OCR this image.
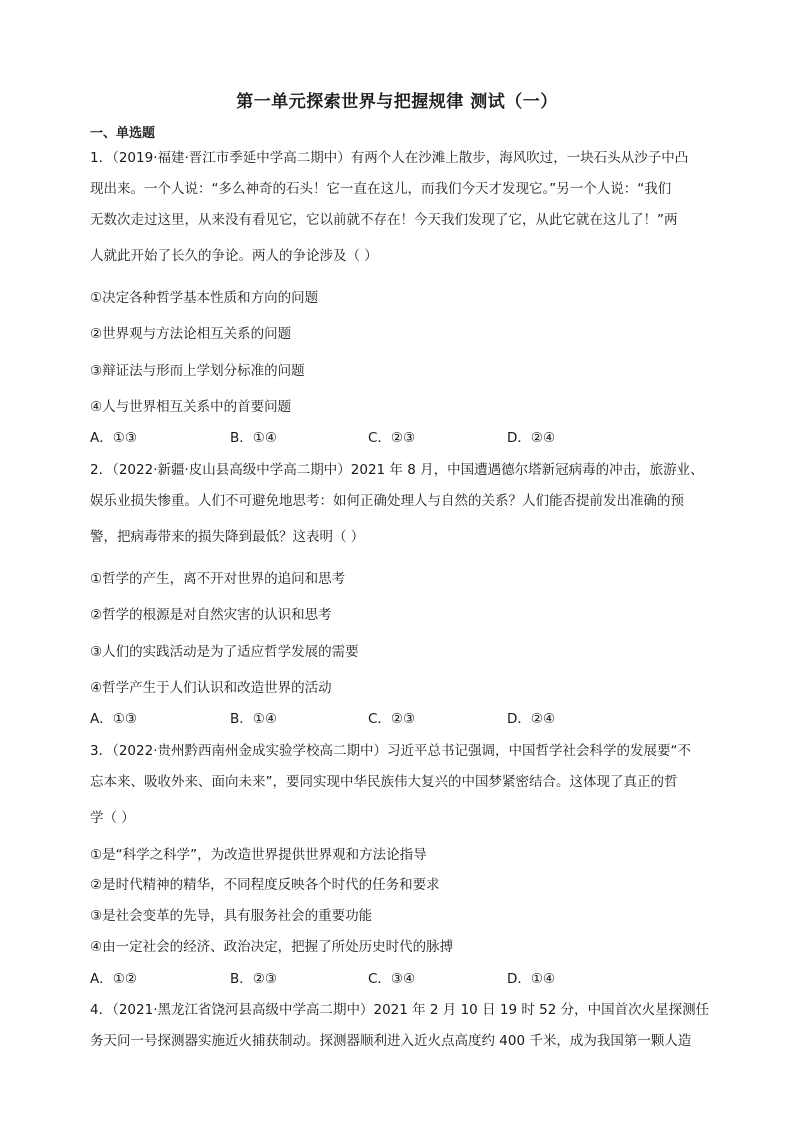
第一单元探索世界与把握规律 测试（一）
一、单选题
1．（2019·福建·晋江市季延中学高二期中）有两个人在沙滩上散步，海风吹过，一块石头从沙子中凸
现出来。一个人说：“多么神奇的石头！它一直在这儿，而我们今天才发现它。”另一个人说：“我们
无数次走过这里，从来没有看见它，它以前就不存在！今天我们发现了它，从此它就在这儿了！”两
人就此开始了长久的争论。两人的争论涉及（ ）
①决定各种哲学基本性质和方向的问题
②世界观与方法论相互关系的问题
③辩证法与形而上学划分标准的问题
④人与世界相互关系中的首要问题
A．①③	B．①④	C．②③	D．②④
2．（2022·新疆·皮山县高级中学高二期中）2021 年 8 月，中国遭遇德尔塔新冠病毒的冲击，旅游业、
娱乐业损失惨重。人们不可避免地思考：如何正确处理人与自然的关系？人们能否提前发出准确的预
警，把病毒带来的损失降到最低？这表明（ ）
①哲学的产生，离不开对世界的追问和思考
②哲学的根源是对自然灾害的认识和思考
③人们的实践活动是为了适应哲学发展的需要
④哲学产生于人们认识和改造世界的活动
A．①③	B．①④	C．②③	D．②④
3．（2022·贵州黔西南州金成实验学校高二期中）习近平总书记强调，中国哲学社会科学的发展要“不
忘本来、吸收外来、面向未来”，要同实现中华民族伟大复兴的中国梦紧密结合。这体现了真正的哲
学（ ）
①是“科学之科学”，为改造世界提供世界观和方法论指导
②是时代精神的精华，不同程度反映各个时代的任务和要求
③是社会变革的先导，具有服务社会的重要功能
④由一定社会的经济、政治决定，把握了所处历史时代的脉搏
A．①②	B．②③	C．③④	D．①④
4．（2021·黑龙江省饶河县高级中学高二期中）2021 年 2 月 10 日 19 时 52 分，中国首次火星探测任
务天问一号探测器实施近火捕获制动。探测器顺利进入近火点高度约 400 千米，成为我国第一颗人造
